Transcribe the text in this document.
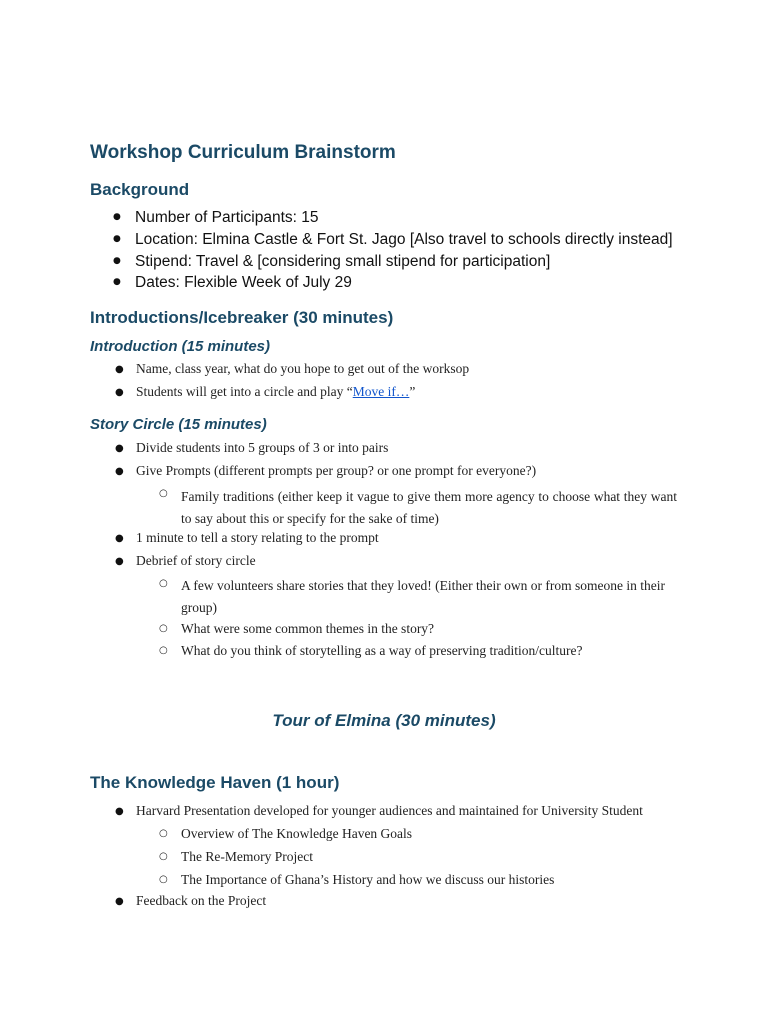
Workshop Curriculum Brainstorm
Background
● Number of Participants: 15
● Location: Elmina Castle & Fort St. Jago [Also travel to schools directly instead]
● Stipend: Travel & [considering small stipend for participation]
● Dates: Flexible Week of July 29
Introductions/Icebreaker (30 minutes)
Introduction (15 minutes)
● Name, class year, what do you hope to get out of the worksop
● Students will get into a circle and play “Move if…”
Story Circle (15 minutes)
● Divide students into 5 groups of 3 or into pairs
● Give Prompts (different prompts per group? or one prompt for everyone?)
○ Family traditions (either keep it vague to give them more agency to choose what they want to say about this or specify for the sake of time)
● 1 minute to tell a story relating to the prompt
● Debrief of story circle
○ A few volunteers share stories that they loved! (Either their own or from someone in their group)
○ What were some common themes in the story?
○ What do you think of storytelling as a way of preserving tradition/culture?
Tour of Elmina (30 minutes)
The Knowledge Haven (1 hour)
● Harvard Presentation developed for younger audiences and maintained for University Student
○ Overview of The Knowledge Haven Goals
○ The Re-Memory Project
○ The Importance of Ghana’s History and how we discuss our histories
● Feedback on the Project
